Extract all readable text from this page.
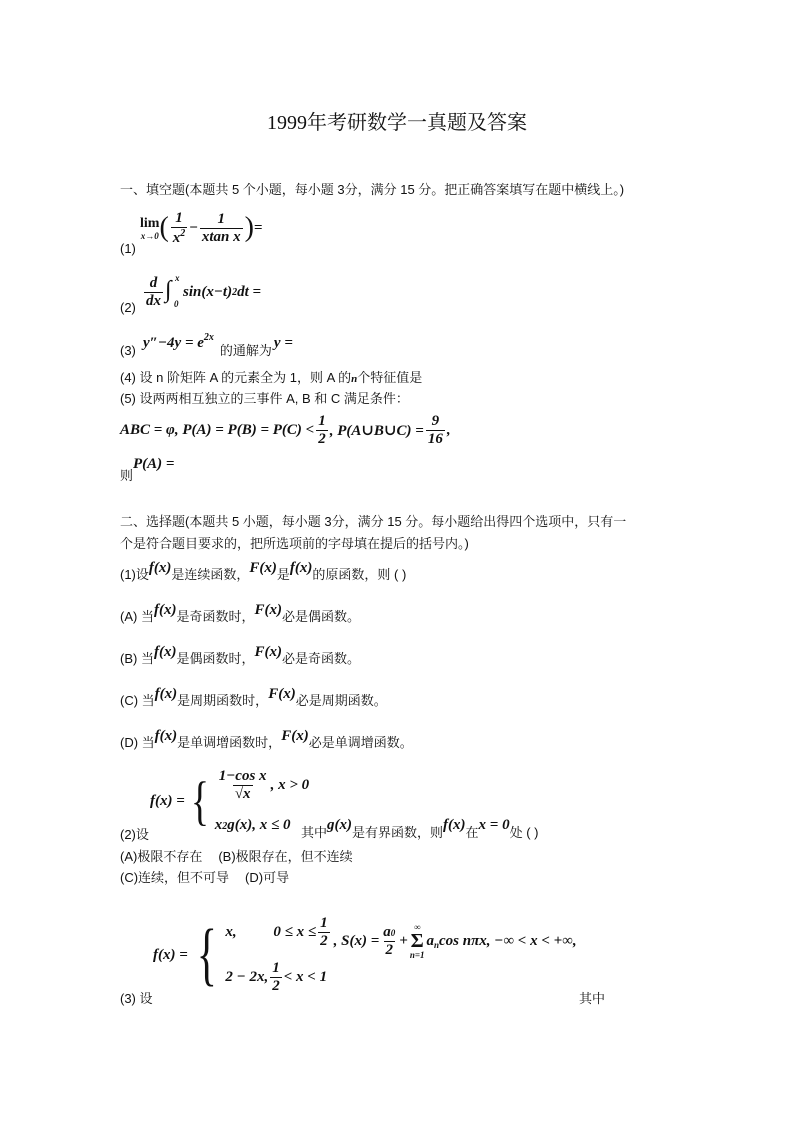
1999年考研数学一真题及答案
一、填空题(本题共 5 个小题，每小题 3分，满分 15 分。把正确答案填写在题中横线上。)
(1)
lim
x→0 ( $\frac{1}{x^2} - \frac{1}{\text{xtan x}}$ ) =
$(2) \frac{d}{dx}$ ∫ x
0
sin(x−t) 2 dt =
(3) y″−4y = e 2x
的通解为 y =
(4) 设 n 阶矩阵 A 的元素全为 1，则 A 的n个特征值是
(5) 设两两相互独立的三事件 A, B 和 C 满足条件：
ABC = φ, $P(A) = P(B) = P(C) < \frac{1}{2}$ , P(A∪B∪C) = $\frac{9}{16}$ ,
则
P(A) =
二、选择题(本题共 5 小题，每小题 3分，满分 15 分。每小题给出得四个选项中，只有一
个是符合题目要求的，把所选项前的字母填在提后的括号内。)
(1)设 f(x) 是连续函数， F(x) 是 f(x) 的原函数，则 ( )
(A) 当 f(x) 是奇函数时， F(x) 必是偶函数。
(B) 当 f(x) 是偶函数时， F(x) 必是奇函数。
(C) 当 f(x) 是周期函数时， F(x) 必是周期函数。
(D) 当 f(x) 是单调增函数时， F(x) 必是单调增函数。
(2)设
f(x) = { $\frac{\text{1−cos x}}{√x}$ , x > 0
x 2 g(x), x ≤ 0 其中 g(x) 是有界函数，则 f(x) 在 x = 0 处 ( )
(A)极限不存在 (B)极限存在，但不连续
(C)连续，但不可导 (D)可导
(3) 设
f(x) = { x,	$0 \le x \le \frac{1}{2}$
2 − 2x, $\frac{1}{2} < x < 1$
, $S(x) = \frac{a0}{2}$ +
∞
Σ
n=1
a n cos nπx, −∞ < x < +∞,
其中
